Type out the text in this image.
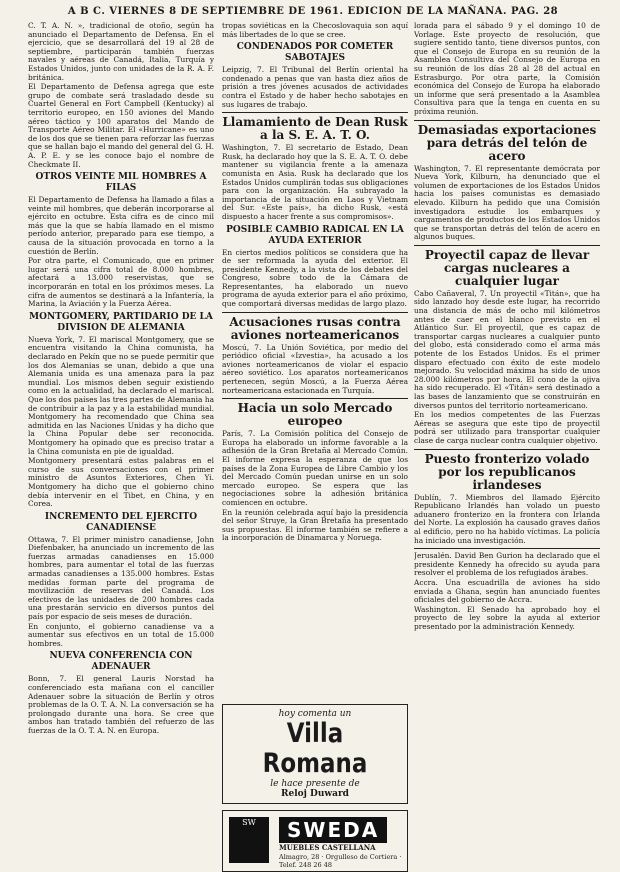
A B C. VIERNES 8 DE SEPTIEMBRE DE 1961. EDICION DE LA MAÑANA. PAG. 28

C. T. A. N. », tradicional de otoño, según ha anunciado el Departamento de Defensa. En el ejercicio, que se desarrollará del 19 al 28 de septiembre, participarán también fuerzas navales y aéreas de Canadá, Italia, Turquía y Estados Unidos, junto con unidades de la R. A. F. británica.

El Departamento de Defensa agrega que este grupo de combate será trasladado desde su Cuartel General en Fort Campbell (Kentucky) al territorio europeo, en 150 aviones del Mando aéreo táctico y 100 aparatos del Mando de Transporte Aéreo Militar. El «Hurricane» es uno de los dos que se tienen para reforzar las fuerzas que se hallan bajo el mando del general del G. H. A. P. E. y se les conoce bajo el nombre de Checkmate II.

OTROS VEINTE MIL HOMBRES A FILAS

El Departamento de Defensa ha llamado a filas a veinte mil hombres, que deberán incorporarse al ejército en octubre. Esta cifra es de cinco mil más que la que se había llamado en el mismo período anterior, preparado para ese tiempo, a causa de la situación provocada en torno a la cuestión de Berlín.

Por otra parte, el Comunicado, que en primer lugar será una cifra total de 8.000 hombres, afectará a 13.000 reservistas, que se incorporarán en total en los próximos meses. La cifra de aumentos se destinará a la Infantería, la Marina, la Aviación y la Fuerza Aérea.

MONTGOMERY, PARTIDARIO DE LA DIVISION DE ALEMANIA

Nueva York, 7. El mariscal Montgomery, que se encuentra visitando la China comunista, ha declarado en Pekín que no se puede permitir que los dos Alemanias se unan, debido a que una Alemania unida es una amenaza para la paz mundial. Los mismos deben seguir existiendo como en la actualidad, ha declarado el mariscal. Que los dos países las tres partes de Alemania ha de contribuir a la paz y a la estabilidad mundial. Montgomery ha recomendado que China sea admitida en las Naciones Unidas y ha dicho que la China Popular debe ser reconocida. Montgomery ha opinado que es preciso tratar a la China comunista en pie de igualdad.

Montgomery presentará estas palabras en el curso de sus conversaciones con el primer ministro de Asuntos Exteriores, Chen Yi. Montgomery ha dicho que el gobierno chino debía intervenir en el Tibet, en China, y en Corea.

INCREMENTO DEL EJERCITO CANADIENSE

Ottawa, 7. El primer ministro canadiense, John Diefenbaker, ha anunciado un incremento de las fuerzas armadas canadienses en 15.000 hombres, para aumentar el total de las fuerzas armadas canadienses a 135.000 hombres. Estas medidas forman parte del programa de movilización de reservas del Canadá. Los efectivos de las unidades de 200 hombres cada una prestarán servicio en diversos puntos del país por espacio de seis meses de duración.

En conjunto, el gobierno canadiense va a aumentar sus efectivos en un total de 15.000 hombres.

NUEVA CONFERENCIA CON ADENAUER

Bonn, 7. El general Lauris Norstad ha conferenciado esta mañana con el canciller Adenauer sobre la situación de Berlín y otros problemas de la O. T. A. N. La conversación se ha prolongado durante una hora. Se cree que ambos han tratado también del refuerzo de las fuerzas de la O. T. A. N. en Europa.

tropas soviéticas en la Checoslovaquia son aquí más libertades de lo que se cree.

CONDENADOS POR COMETER SABOTAJES

Leipzig, 7. El Tribunal del Berlín oriental ha condenado a penas que van hasta diez años de prisión a tres jóvenes acusados de actividades contra el Estado y de haber hecho sabotajes en sus lugares de trabajo.

Llamamiento de Dean Rusk a la S. E. A. T. O.

Washington, 7. El secretario de Estado, Dean Rusk, ha declarado hoy que la S. E. A. T. O. debe mantener su vigilancia frente a la amenaza comunista en Asia. Rusk ha declarado que los Estados Unidos cumplirán todas sus obligaciones para con la organización. Ha subrayado la importancia de la situación en Laos y Vietnam del Sur. «Este país», ha dicho Rusk, «está dispuesto a hacer frente a sus compromisos».

POSIBLE CAMBIO RADICAL EN LA AYUDA EXTERIOR

En ciertos medios políticos se considera que ha de ser reformada la ayuda del exterior. El presidente Kennedy, a la vista de los debates del Congreso, sobre todo de la Cámara de Representantes, ha elaborado un nuevo programa de ayuda exterior para el año próximo, que comportará diversas medidas de largo plazo.

Acusaciones rusas contra aviones norteamericanos

Moscú, 7. La Unión Soviética, por medio del periódico oficial «Izvestia», ha acusado a los aviones norteamericanos de violar el espacio aéreo soviético. Los aparatos norteamericanos pertenecen, según Moscú, a la Fuerza Aérea norteamericana estacionada en Turquía.

Hacia un solo Mercado europeo

París, 7. La Comisión política del Consejo de Europa ha elaborado un informe favorable a la adhesión de la Gran Bretaña al Mercado Común. El informe expresa la esperanza de que los países de la Zona Europea de Libre Cambio y los del Mercado Común puedan unirse en un solo mercado europeo. Se espera que las negociaciones sobre la adhesión británica comiencen en octubre.

En la reunión celebrada aquí bajo la presidencia del señor Struye, la Gran Bretaña ha presentado sus propuestas. El informe también se refiere a la incorporación de Dinamarca y Noruega.

hoy comenta un
Villa Romana
le hace presente de
Reloj Duward
SW	SWEDA
MUEBLES CASTELLANA
Almagro, 28 · Orgulleso de Cortiera · Telef. 248 26 48

lorada para el sábado 9 y el domingo 10 de Vorlage. Este proyecto de resolución, que sugiere sentido tanto, tiene diversos puntos, con que el Consejo de Europa en su reunión de la Asamblea Consultiva del Consejo de Europa en su reunión de los días 28 al 28 del actual en Estrasburgo. Por otra parte, la Comisión económica del Consejo de Europa ha elaborado un informe que será presentado a la Asamblea Consultiva para que la tenga en cuenta en su próxima reunión.

Demasiadas exportaciones para detrás del telón de acero

Washington, 7. El representante demócrata por Nueva York, Kilburn, ha denunciado que el volumen de exportaciones de los Estados Unidos hacia los países comunistas es demasiado elevado. Kilburn ha pedido que una Comisión investigadora estudie los embarques y cargamentos de productos de los Estados Unidos que se transportan detrás del telón de acero en algunos buques.

Proyectil capaz de llevar cargas nucleares a cualquier lugar

Cabo Cañaveral, 7. Un proyectil «Titán», que ha sido lanzado hoy desde este lugar, ha recorrido una distancia de más de ocho mil kilómetros antes de caer en el blanco previsto en el Atlántico Sur. El proyectil, que es capaz de transportar cargas nucleares a cualquier punto del globo, está considerado como el arma más potente de los Estados Unidos. Es el primer disparo efectuado con éxito de este modelo mejorado. Su velocidad máxima ha sido de unos 28.000 kilómetros por hora. El cono de la ojiva ha sido recuperado. El «Titán» será destinado a las bases de lanzamiento que se construirán en diversos puntos del territorio norteamericano.

En los medios competentes de las Fuerzas Aéreas se asegura que este tipo de proyectil podrá ser utilizado para transportar cualquier clase de carga nuclear contra cualquier objetivo.

Puesto fronterizo volado por los republicanos irlandeses

Dublín, 7. Miembros del llamado Ejército Republicano Irlandés han volado un puesto aduanero fronterizo en la frontera con Irlanda del Norte. La explosión ha causado graves daños al edificio, pero no ha habido víctimas. La policía ha iniciado una investigación.

Jerusalén. David Ben Gurion ha declarado que el presidente Kennedy ha ofrecido su ayuda para resolver el problema de los refugiados árabes.

Accra. Una escuadrilla de aviones ha sido enviada a Ghana, según han anunciado fuentes oficiales del gobierno de Accra.

Washington. El Senado ha aprobado hoy el proyecto de ley sobre la ayuda al exterior presentado por la administración Kennedy.
